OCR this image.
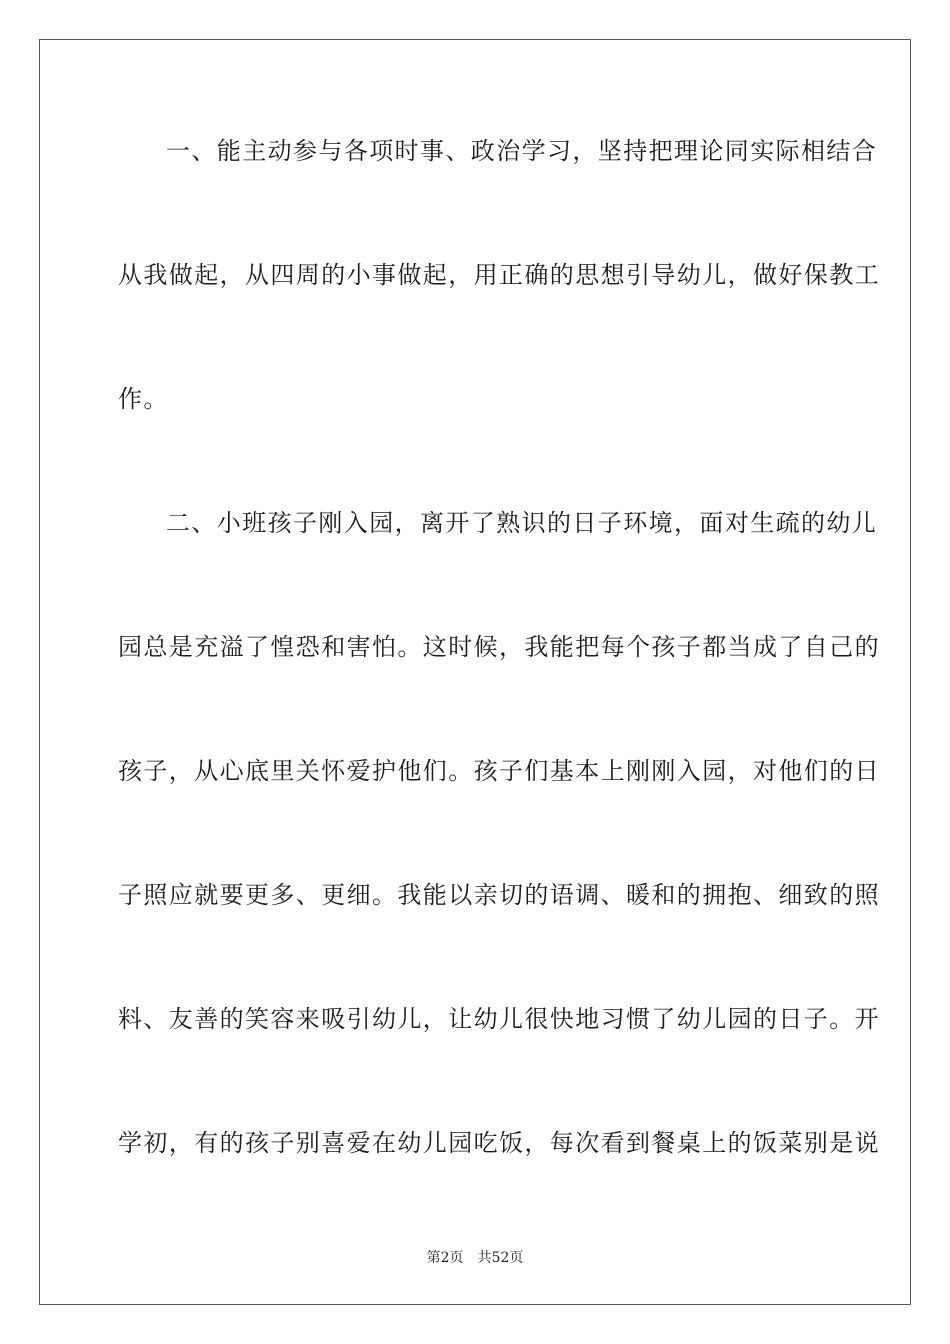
一、能主动参与各项时事、政治学习，坚持把理论同实际相结合
从我做起，从四周的小事做起，用正确的思想引导幼儿，做好保教工
作。
二、小班孩子刚入园，离开了熟识的日子环境，面对生疏的幼儿
园总是充溢了惶恐和害怕。这时候，我能把每个孩子都当成了自己的
孩子，从心底里关怀爱护他们。孩子们基本上刚刚入园，对他们的日
子照应就要更多、更细。我能以亲切的语调、暖和的拥抱、细致的照
料、友善的笑容来吸引幼儿，让幼儿很快地习惯了幼儿园的日子。开
学初，有的孩子别喜爱在幼儿园吃饭，每次看到餐桌上的饭菜别是说
第2页　共52页
